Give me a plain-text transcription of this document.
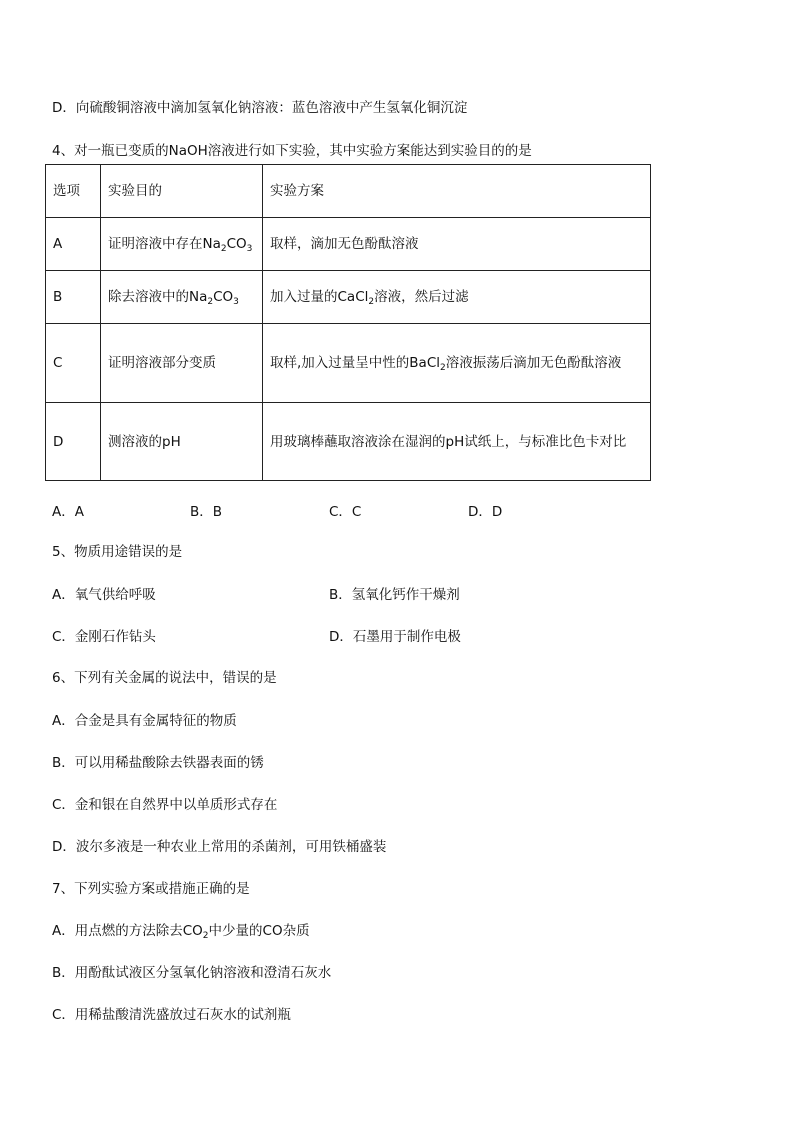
D．向硫酸铜溶液中滴加氢氧化钠溶液：蓝色溶液中产生氢氧化铜沉淀
4、对一瓶已变质的NaOH溶液进行如下实验，其中实验方案能达到实验目的的是
选项	实验目的	实验方案
A	证明溶液中存在$Na_2CO_3$	取样，滴加无色酚酞溶液
B	除去溶液中的$Na_2CO_3$	加入过量的CaCl$_2$溶液，然后过滤
C	证明溶液部分变质	取样,加入过量呈中性的BaCl$_2$溶液振荡后滴加无色酚酞溶液
D	测溶液的pH	用玻璃棒蘸取溶液涂在湿润的pH试纸上，与标准比色卡对比
A．A	B．B	C．C	D．D
5、物质用途错误的是
A．氧气供给呼吸	B．氢氧化钙作干燥剂
C．金刚石作钻头	D．石墨用于制作电极
6、下列有关金属的说法中，错误的是
A．合金是具有金属特征的物质
B．可以用稀盐酸除去铁器表面的锈
C．金和银在自然界中以单质形式存在
D．波尔多液是一种农业上常用的杀菌剂，可用铁桶盛装
7、下列实验方案或措施正确的是
A．用点燃的方法除去$CO_2$中少量的CO杂质
B．用酚酞试液区分氢氧化钠溶液和澄清石灰水
C．用稀盐酸清洗盛放过石灰水的试剂瓶
